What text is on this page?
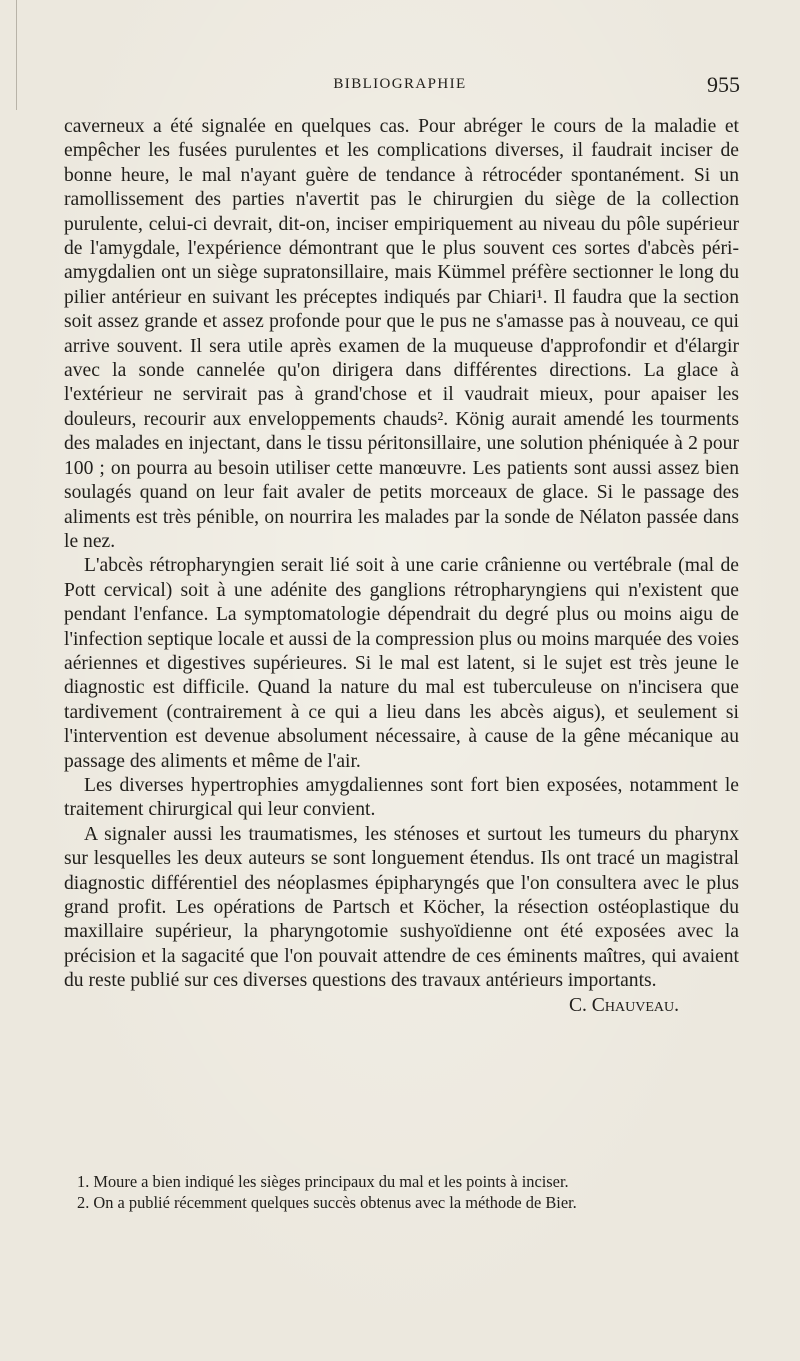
BIBLIOGRAPHIE	955

caverneux a été signalée en quelques cas. Pour abréger le cours de la maladie et empêcher les fusées purulentes et les complications diverses, il faudrait inciser de bonne heure, le mal n'ayant guère de tendance à rétrocéder spontanément. Si un ramollissement des parties n'avertit pas le chirurgien du siège de la collection purulente, celui-ci devrait, dit-on, inciser empiriquement au niveau du pôle supérieur de l'amygdale, l'expérience démontrant que le plus souvent ces sortes d'abcès péri-amygdalien ont un siège supratonsillaire, mais Kümmel préfère sectionner le long du pilier antérieur en suivant les préceptes indiqués par Chiari¹. Il faudra que la section soit assez grande et assez profonde pour que le pus ne s'amasse pas à nouveau, ce qui arrive souvent. Il sera utile après examen de la muqueuse d'approfondir et d'élargir avec la sonde cannelée qu'on dirigera dans différentes directions. La glace à l'extérieur ne servirait pas à grand'chose et il vaudrait mieux, pour apaiser les douleurs, recourir aux enveloppements chauds². König aurait amendé les tourments des malades en injectant, dans le tissu péritonsillaire, une solution phéniquée à 2 pour 100 ; on pourra au besoin utiliser cette manœuvre. Les patients sont aussi assez bien soulagés quand on leur fait avaler de petits morceaux de glace. Si le passage des aliments est très pénible, on nourrira les malades par la sonde de Nélaton passée dans le nez.

L'abcès rétropharyngien serait lié soit à une carie crânienne ou vertébrale (mal de Pott cervical) soit à une adénite des ganglions rétropharyngiens qui n'existent que pendant l'enfance. La symptomatologie dépendrait du degré plus ou moins aigu de l'infection septique locale et aussi de la compression plus ou moins marquée des voies aériennes et digestives supérieures. Si le mal est latent, si le sujet est très jeune le diagnostic est difficile. Quand la nature du mal est tuberculeuse on n'incisera que tardivement (contrairement à ce qui a lieu dans les abcès aigus), et seulement si l'intervention est devenue absolument nécessaire, à cause de la gêne mécanique au passage des aliments et même de l'air.

Les diverses hypertrophies amygdaliennes sont fort bien exposées, notamment le traitement chirurgical qui leur convient.

A signaler aussi les traumatismes, les sténoses et surtout les tumeurs du pharynx sur lesquelles les deux auteurs se sont longuement étendus. Ils ont tracé un magistral diagnostic différentiel des néoplasmes épipharyngés que l'on consultera avec le plus grand profit. Les opérations de Partsch et Köcher, la résection ostéoplastique du maxillaire supérieur, la pharyngotomie sushyoïdienne ont été exposées avec la précision et la sagacité que l'on pouvait attendre de ces éminents maîtres, qui avaient du reste publié sur ces diverses questions des travaux antérieurs importants.
C. Chauveau.

1. Moure a bien indiqué les sièges principaux du mal et les points à inciser.

2. On a publié récemment quelques succès obtenus avec la méthode de Bier.
